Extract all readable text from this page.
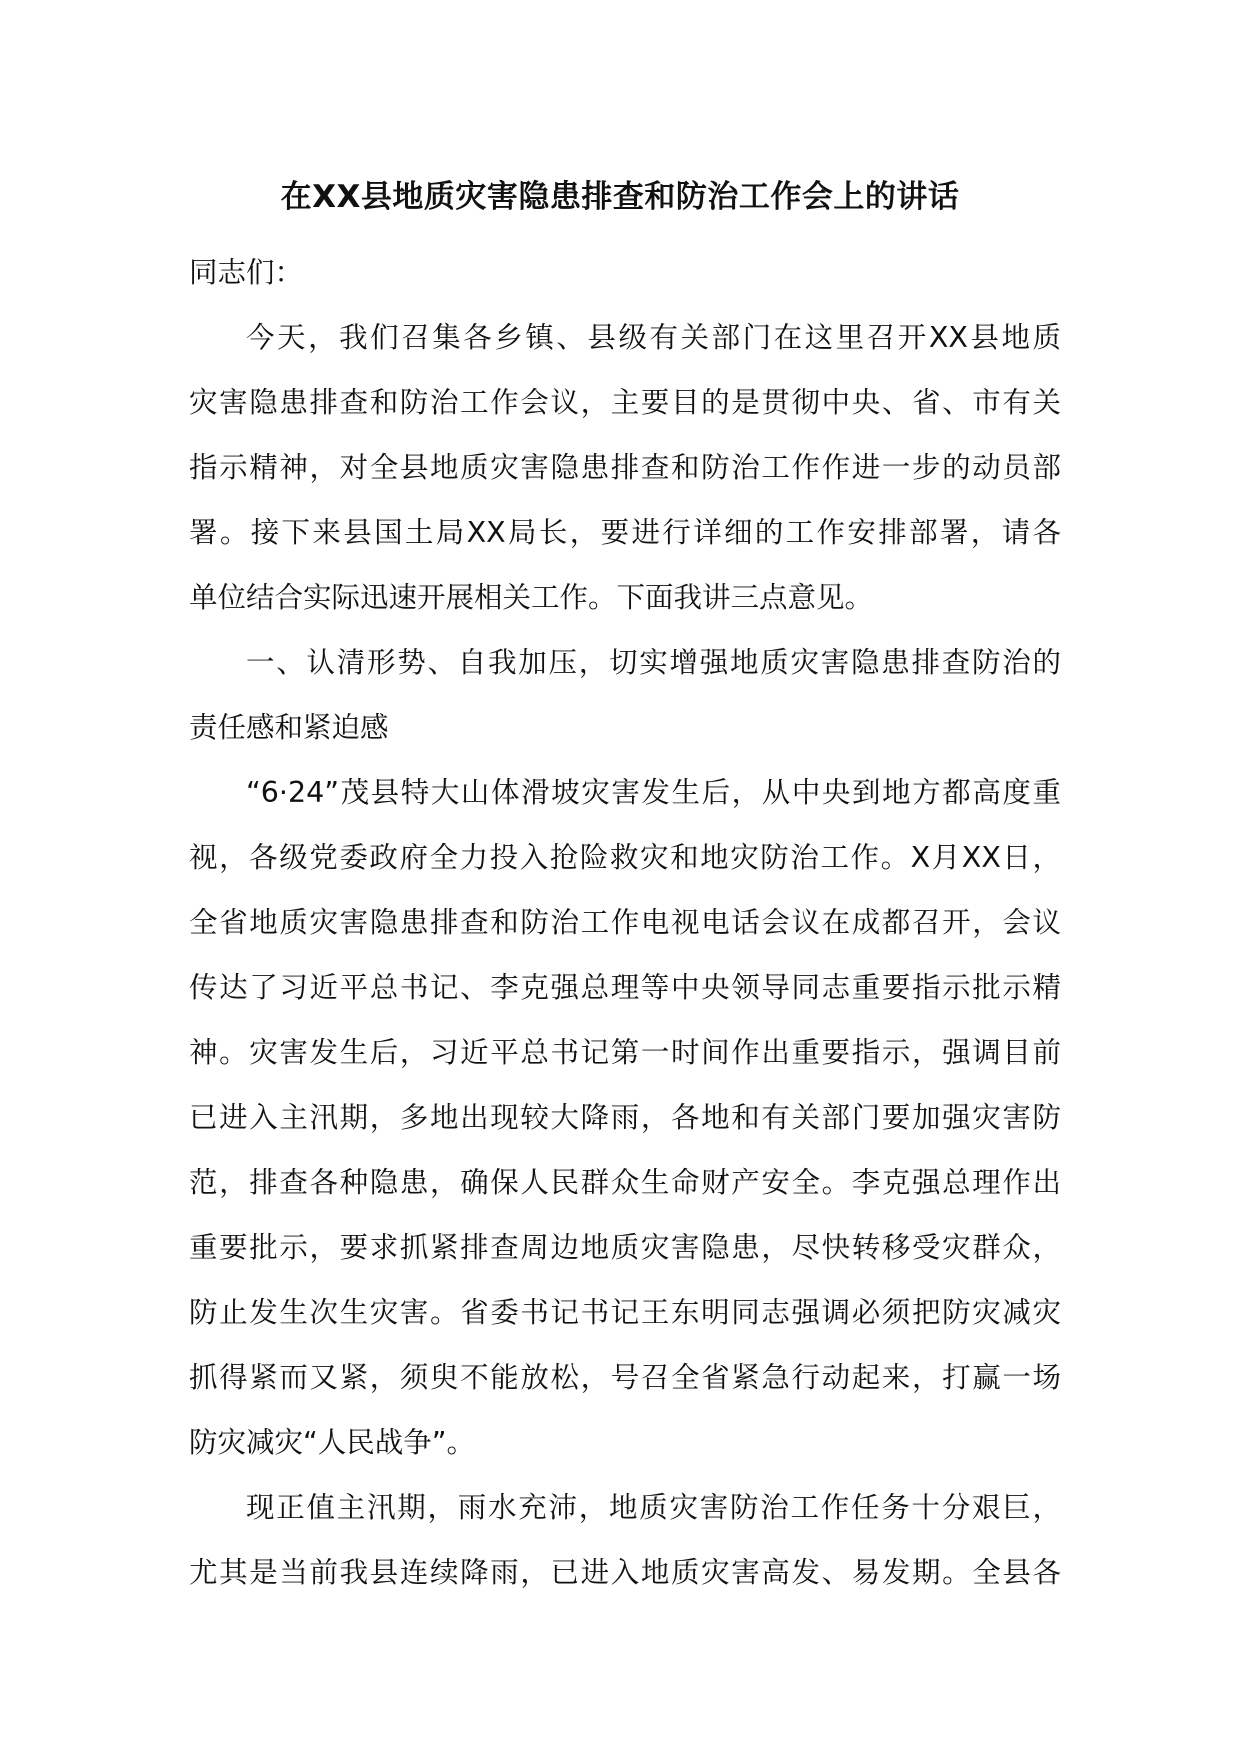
在XX县地质灾害隐患排查和防治工作会上的讲话

同志们：

今天，我们召集各乡镇、县级有关部门在这里召开XX县地质
灾害隐患排查和防治工作会议，主要目的是贯彻中央、省、市有关
指示精神，对全县地质灾害隐患排查和防治工作作进一步的动员部
署。接下来县国土局XX局长，要进行详细的工作安排部署，请各
单位结合实际迅速开展相关工作。下面我讲三点意见。

一、认清形势、自我加压，切实增强地质灾害隐患排查防治的
责任感和紧迫感

“6·24”茂县特大山体滑坡灾害发生后，从中央到地方都高度重
视，各级党委政府全力投入抢险救灾和地灾防治工作。X月XX日，
全省地质灾害隐患排查和防治工作电视电话会议在成都召开，会议
传达了习近平总书记、李克强总理等中央领导同志重要指示批示精
神。灾害发生后，习近平总书记第一时间作出重要指示，强调目前
已进入主汛期，多地出现较大降雨，各地和有关部门要加强灾害防
范，排查各种隐患，确保人民群众生命财产安全。李克强总理作出
重要批示，要求抓紧排查周边地质灾害隐患，尽快转移受灾群众，
防止发生次生灾害。省委书记书记王东明同志强调必须把防灾减灾
抓得紧而又紧，须臾不能放松，号召全省紧急行动起来，打赢一场
防灾减灾“人民战争”。

现正值主汛期，雨水充沛，地质灾害防治工作任务十分艰巨，
尤其是当前我县连续降雨，已进入地质灾害高发、易发期。全县各
